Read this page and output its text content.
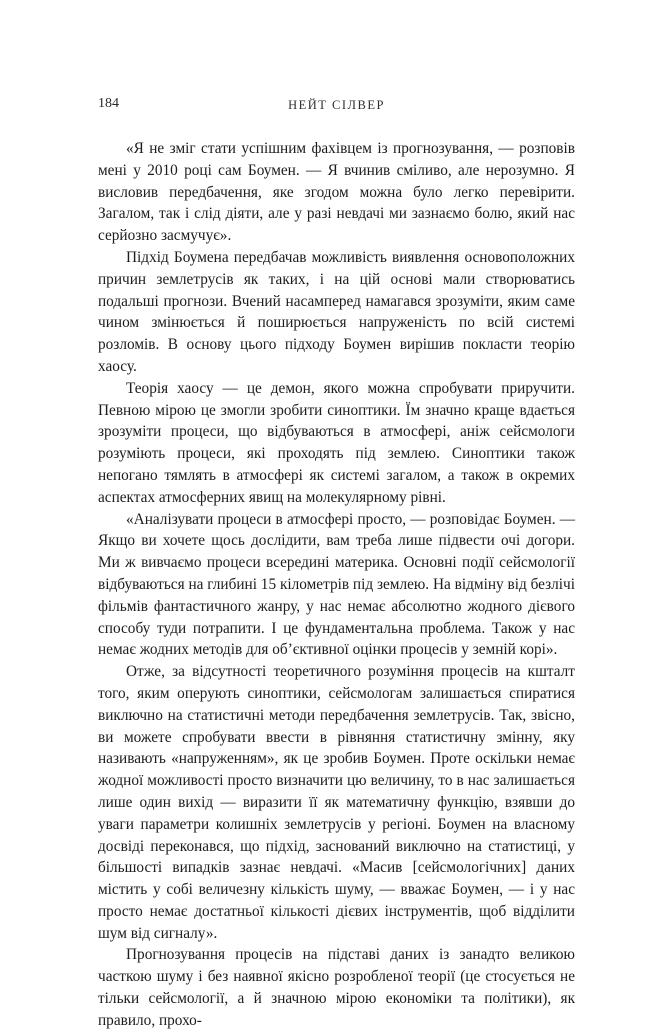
184	НЕЙТ СІЛВЕР

«Я не зміг стати успішним фахівцем із прогнозування, — розповів мені у 2010 році сам Боумен. — Я вчинив сміливо, але нерозумно. Я висловив передбачення, яке згодом можна було легко перевірити. Загалом, так і слід діяти, але у разі невдачі ми зазнаємо болю, який нас серйозно засмучує».

Підхід Боумена передбачав можливість виявлення основоположних причин землетрусів як таких, і на цій основі мали створюватись подальші прогнози. Вчений насамперед намагався зрозуміти, яким саме чином змінюється й поширюється напруженість по всій системі розломів. В основу цього підходу Боумен вирішив покласти теорію хаосу.

Теорія хаосу — це демон, якого можна спробувати приручити. Певною мірою це змогли зробити синоптики. Їм значно краще вдається зрозуміти процеси, що відбуваються в атмосфері, аніж сейсмологи розуміють процеси, які проходять під землею. Синоптики також непогано тямлять в атмосфері як системі загалом, а також в окремих аспектах атмосферних явищ на молекулярному рівні.

«Аналізувати процеси в атмосфері просто, — розповідає Боумен. — Якщо ви хочете щось дослідити, вам треба лише підвести очі догори. Ми ж вивчаємо процеси всередині материка. Основні події сейсмології відбуваються на глибині 15 кілометрів під землею. На відміну від безлічі фільмів фантастичного жанру, у нас немає абсолютно жодного дієвого способу туди потрапити. І це фундаментальна проблема. Також у нас немає жодних методів для об’єктивної оцінки процесів у земній корі».

Отже, за відсутності теоретичного розуміння процесів на кшталт того, яким оперують синоптики, сейсмологам залишається спиратися виключно на статистичні методи передбачення землетрусів. Так, звісно, ви можете спробувати ввести в рівняння статистичну змінну, яку називають «напруженням», як це зробив Боумен. Проте оскільки немає жодної можливості просто визначити цю величину, то в нас залишається лише один вихід — виразити її як математичну функцію, взявши до уваги параметри колишніх землетрусів у регіоні. Боумен на власному досвіді переконався, що підхід, заснований виключно на статистиці, у більшості випадків зазнає невдачі. «Масив [сейсмологічних] даних містить у собі величезну кількість шуму, — вважає Боумен, — і у нас просто немає достатньої кількості дієвих інструментів, щоб відділити шум від сигналу».

Прогнозування процесів на підставі даних із занадто великою часткою шуму і без наявної якісно розробленої теорії (це стосується не тільки сейсмології, а й значною мірою економіки та політики), як правило, прохо-
